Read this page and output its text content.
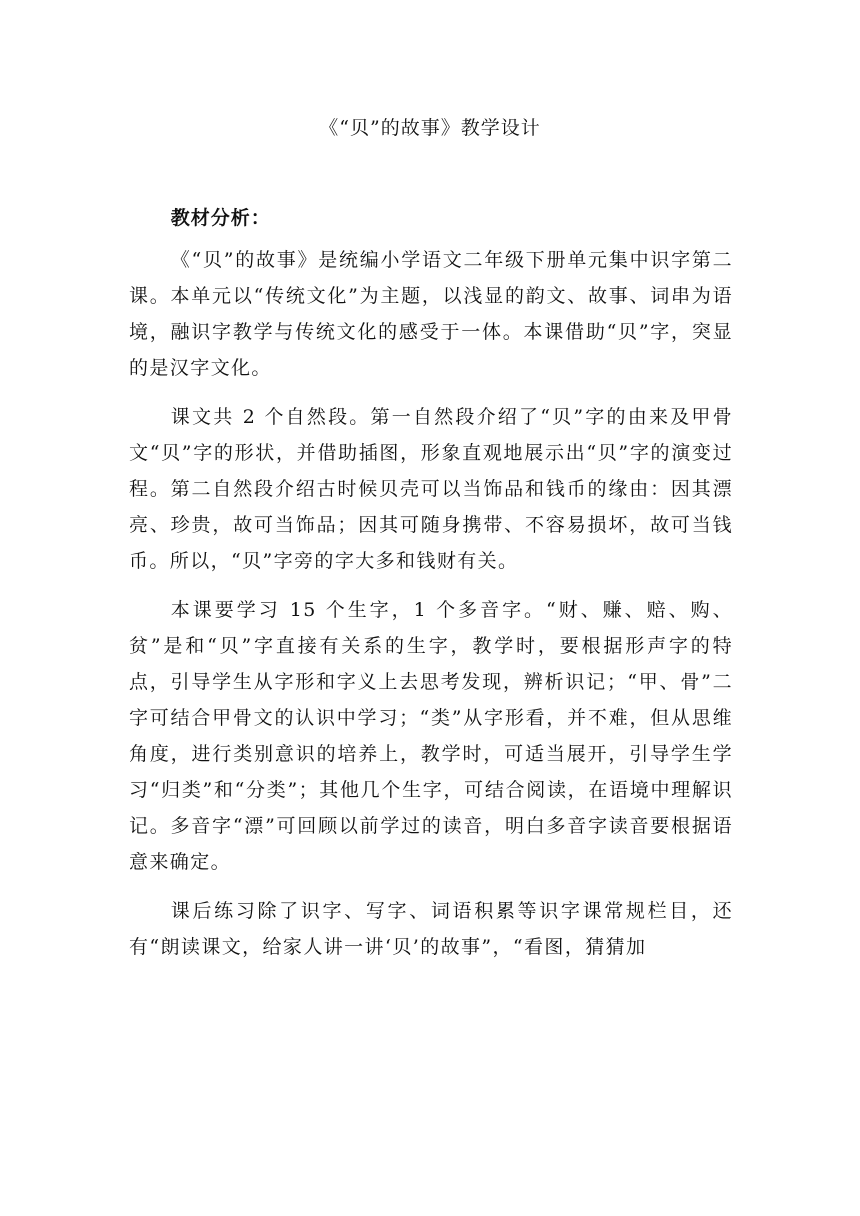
《“贝”的故事》教学设计

教材分析：

《“贝”的故事》是统编小学语文二年级下册单元集中识字第二课。本单元以“传统文化”为主题，以浅显的韵文、故事、词串为语境，融识字教学与传统文化的感受于一体。本课借助“贝”字，突显的是汉字文化。

课文共 2 个自然段。第一自然段介绍了“贝”字的由来及甲骨文“贝”字的形状，并借助插图，形象直观地展示出“贝”字的演变过程。第二自然段介绍古时候贝壳可以当饰品和钱币的缘由：因其漂亮、珍贵，故可当饰品；因其可随身携带、不容易损坏，故可当钱币。所以，“贝”字旁的字大多和钱财有关。

本课要学习 15 个生字，1 个多音字。“财、赚、赔、购、贫”是和“贝”字直接有关系的生字，教学时，要根据形声字的特点，引导学生从字形和字义上去思考发现，辨析识记；“甲、骨”二字可结合甲骨文的认识中学习；“类”从字形看，并不难，但从思维角度，进行类别意识的培养上，教学时，可适当展开，引导学生学习“归类”和“分类”；其他几个生字，可结合阅读，在语境中理解识记。多音字“漂”可回顾以前学过的读音，明白多音字读音要根据语意来确定。

课后练习除了识字、写字、词语积累等识字课常规栏目，还有“朗读课文，给家人讲一讲‘贝’的故事”，“看图，猜猜加
